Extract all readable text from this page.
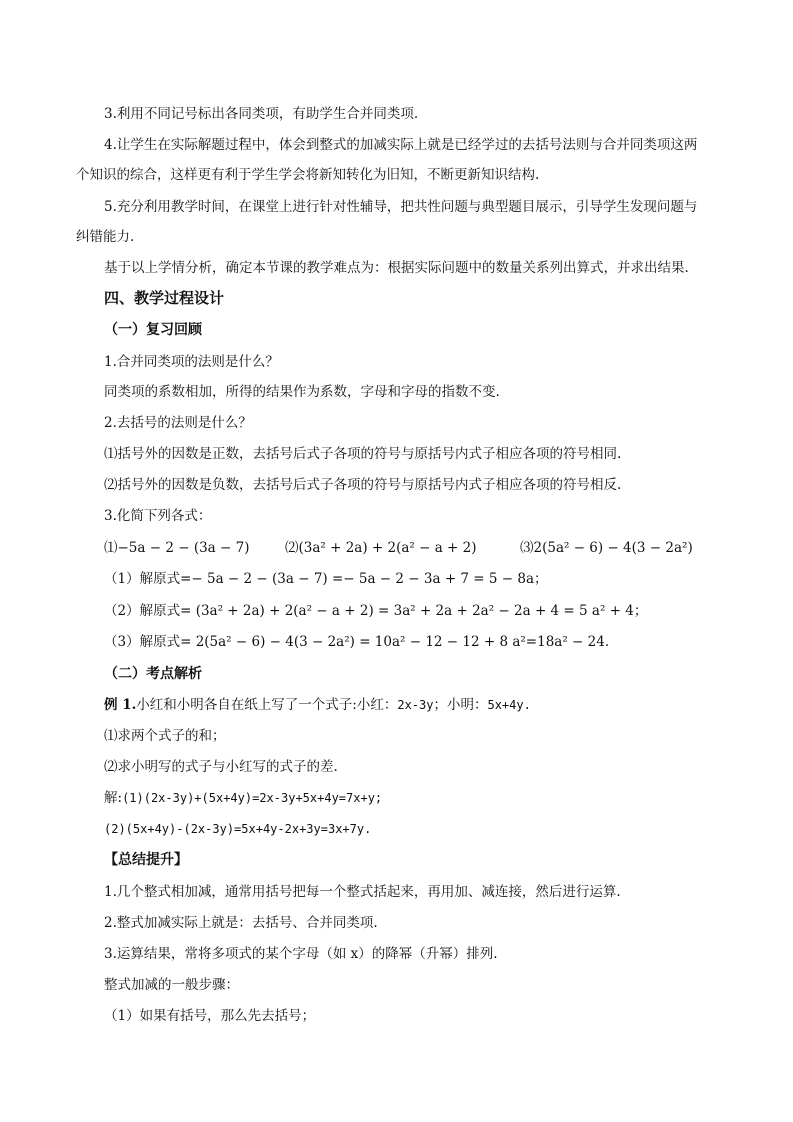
3.利用不同记号标出各同类项，有助学生合并同类项.
4.让学生在实际解题过程中，体会到整式的加减实际上就是已经学过的去括号法则与合并同类项这两
个知识的综合，这样更有利于学生学会将新知转化为旧知，不断更新知识结构.
5.充分利用教学时间，在课堂上进行针对性辅导，把共性问题与典型题目展示，引导学生发现问题与
纠错能力.
基于以上学情分析，确定本节课的教学难点为：根据实际问题中的数量关系列出算式，并求出结果.
四、教学过程设计
（一）复习回顾
1.合并同类项的法则是什么？
同类项的系数相加，所得的结果作为系数，字母和字母的指数不变.
2.去括号的法则是什么？
⑴括号外的因数是正数，去括号后式子各项的符号与原括号内式子相应各项的符号相同.
⑵括号外的因数是负数，去括号后式子各项的符号与原括号内式子相应各项的符号相反.
3.化简下列各式：
⑴−5a − 2 − (3a − 7)	⑵(3a² + 2a) + 2(a² − a + 2)	⑶2(5a² − 6) − 4(3 − 2a²)
（1）解原式=− 5a − 2 − (3a − 7) =− 5a − 2 − 3a + 7 = 5 − 8a；
（2）解原式= (3a² + 2a) + 2(a² − a + 2) = 3a² + 2a + 2a² − 2a + 4 = 5 a² + 4；
（3）解原式= 2(5a² − 6) − 4(3 − 2a²) = 10a² − 12 − 12 + 8 a²=18a² − 24.
（二）考点解析
例 1.小红和小明各自在纸上写了一个式子:小红：2x-3y；小明：5x+4y.
⑴求两个式子的和；
⑵求小明写的式子与小红写的式子的差.
解:(1)(2x-3y)+(5x+4y)=2x-3y+5x+4y=7x+y;
(2)(5x+4y)-(2x-3y)=5x+4y-2x+3y=3x+7y.
【总结提升】
1.几个整式相加减，通常用括号把每一个整式括起来，再用加、减连接，然后进行运算.
2.整式加减实际上就是：去括号、合并同类项.
3.运算结果，常将多项式的某个字母（如 x）的降幂（升幂）排列.
整式加减的一般步骤：
（1）如果有括号，那么先去括号；
